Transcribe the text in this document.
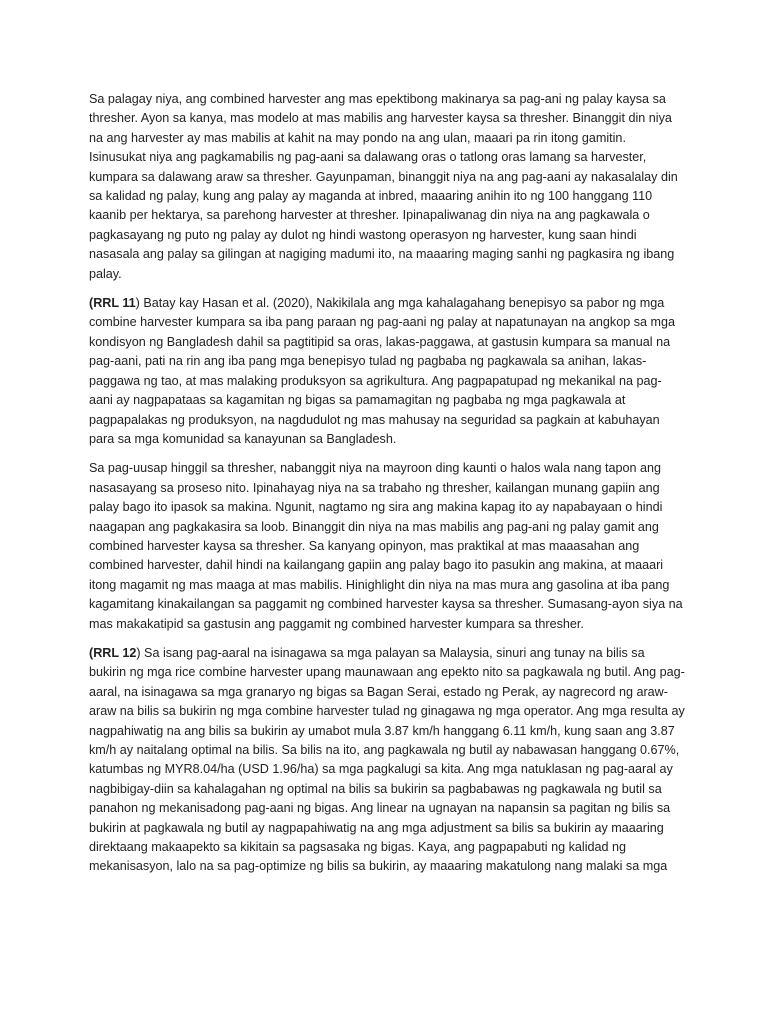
Sa palagay niya, ang combined harvester ang mas epektibong makinarya sa pag-ani ng palay kaysa sa thresher. Ayon sa kanya, mas modelo at mas mabilis ang harvester kaysa sa thresher. Binanggit din niya na ang harvester ay mas mabilis at kahit na may pondo na ang ulan, maaari pa rin itong gamitin. Isinusukat niya ang pagkamabilis ng pag-aani sa dalawang oras o tatlong oras lamang sa harvester, kumpara sa dalawang araw sa thresher. Gayunpaman, binanggit niya na ang pag-aani ay nakasalalay din sa kalidad ng palay, kung ang palay ay maganda at inbred, maaaring anihin ito ng 100 hanggang 110 kaanib per hektarya, sa parehong harvester at thresher. Ipinapaliwanag din niya na ang pagkawala o pagkasayang ng puto ng palay ay dulot ng hindi wastong operasyon ng harvester, kung saan hindi nasasala ang palay sa gilingan at nagiging madumi ito, na maaaring maging sanhi ng pagkasira ng ibang palay.

(RRL 11) Batay kay Hasan et al. (2020), Nakikilala ang mga kahalagahang benepisyo sa pabor ng mga combine harvester kumpara sa iba pang paraan ng pag-aani ng palay at napatunayan na angkop sa mga kondisyon ng Bangladesh dahil sa pagtitipid sa oras, lakas-paggawa, at gastusin kumpara sa manual na pag-aani, pati na rin ang iba pang mga benepisyo tulad ng pagbaba ng pagkawala sa anihan, lakas-paggawa ng tao, at mas malaking produksyon sa agrikultura. Ang pagpapatupad ng mekanikal na pag-aani ay nagpapataas sa kagamitan ng bigas sa pamamagitan ng pagbaba ng mga pagkawala at pagpapalakas ng produksyon, na nagdudulot ng mas mahusay na seguridad sa pagkain at kabuhayan para sa mga komunidad sa kanayunan sa Bangladesh.

Sa pag-uusap hinggil sa thresher, nabanggit niya na mayroon ding kaunti o halos wala nang tapon ang nasasayang sa proseso nito. Ipinahayag niya na sa trabaho ng thresher, kailangan munang gapiin ang palay bago ito ipasok sa makina. Ngunit, nagtamo ng sira ang makina kapag ito ay napabayaan o hindi naagapan ang pagkakasira sa loob. Binanggit din niya na mas mabilis ang pag-ani ng palay gamit ang combined harvester kaysa sa thresher. Sa kanyang opinyon, mas praktikal at mas maaasahan ang combined harvester, dahil hindi na kailangang gapiin ang palay bago ito pasukin ang makina, at maaari itong magamit ng mas maaga at mas mabilis. Hinighlight din niya na mas mura ang gasolina at iba pang kagamitang kinakailangan sa paggamit ng combined harvester kaysa sa thresher. Sumasang-ayon siya na mas makakatipid sa gastusin ang paggamit ng combined harvester kumpara sa thresher.

(RRL 12) Sa isang pag-aaral na isinagawa sa mga palayan sa Malaysia, sinuri ang tunay na bilis sa bukirin ng mga rice combine harvester upang maunawaan ang epekto nito sa pagkawala ng butil. Ang pag-aaral, na isinagawa sa mga granaryo ng bigas sa Bagan Serai, estado ng Perak, ay nagrecord ng araw-araw na bilis sa bukirin ng mga combine harvester tulad ng ginagawa ng mga operator. Ang mga resulta ay nagpahiwatig na ang bilis sa bukirin ay umabot mula 3.87 km/h hanggang 6.11 km/h, kung saan ang 3.87 km/h ay naitalang optimal na bilis. Sa bilis na ito, ang pagkawala ng butil ay nabawasan hanggang 0.67%, katumbas ng MYR8.04/ha (USD 1.96/ha) sa mga pagkalugi sa kita. Ang mga natuklasan ng pag-aaral ay nagbibigay-diin sa kahalagahan ng optimal na bilis sa bukirin sa pagbabawas ng pagkawala ng butil sa panahon ng mekanisadong pag-aani ng bigas. Ang linear na ugnayan na napansin sa pagitan ng bilis sa bukirin at pagkawala ng butil ay nagpapahiwatig na ang mga adjustment sa bilis sa bukirin ay maaaring direktaang makaapekto sa kikitain sa pagsasaka ng bigas. Kaya, ang pagpapabuti ng kalidad ng mekanisasyon, lalo na sa pag-optimize ng bilis sa bukirin, ay maaaring makatulong nang malaki sa mga
